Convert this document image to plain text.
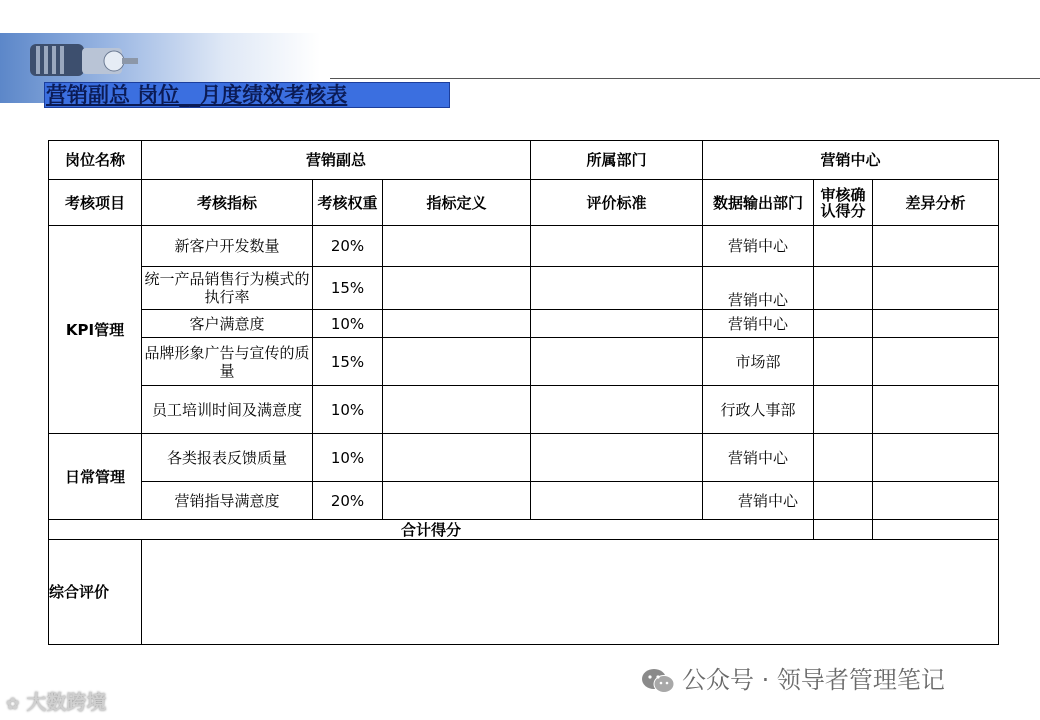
营销副总 岗位__月度绩效考核表
岗位名称	营销副总			所属部门	营销中心		
考核项目	考核指标	考核权重	指标定义	评价标准	数据输出部门	审核确认得分	差异分析
KPI管理	新客户开发数量	20%			营销中心		
	统一产品销售行为模式的执行率	15%			营销中心		
	客户满意度	10%			营销中心		
	品牌形象广告与宣传的质量	15%			市场部		
	员工培训时间及满意度	10%			行政人事部		
日常管理	各类报表反馈质量	10%			营销中心		
	营销指导满意度	20%			营销中心		
合计得分							
综合评价							
公众号 · 领导者管理笔记
✿ 大数跨境
